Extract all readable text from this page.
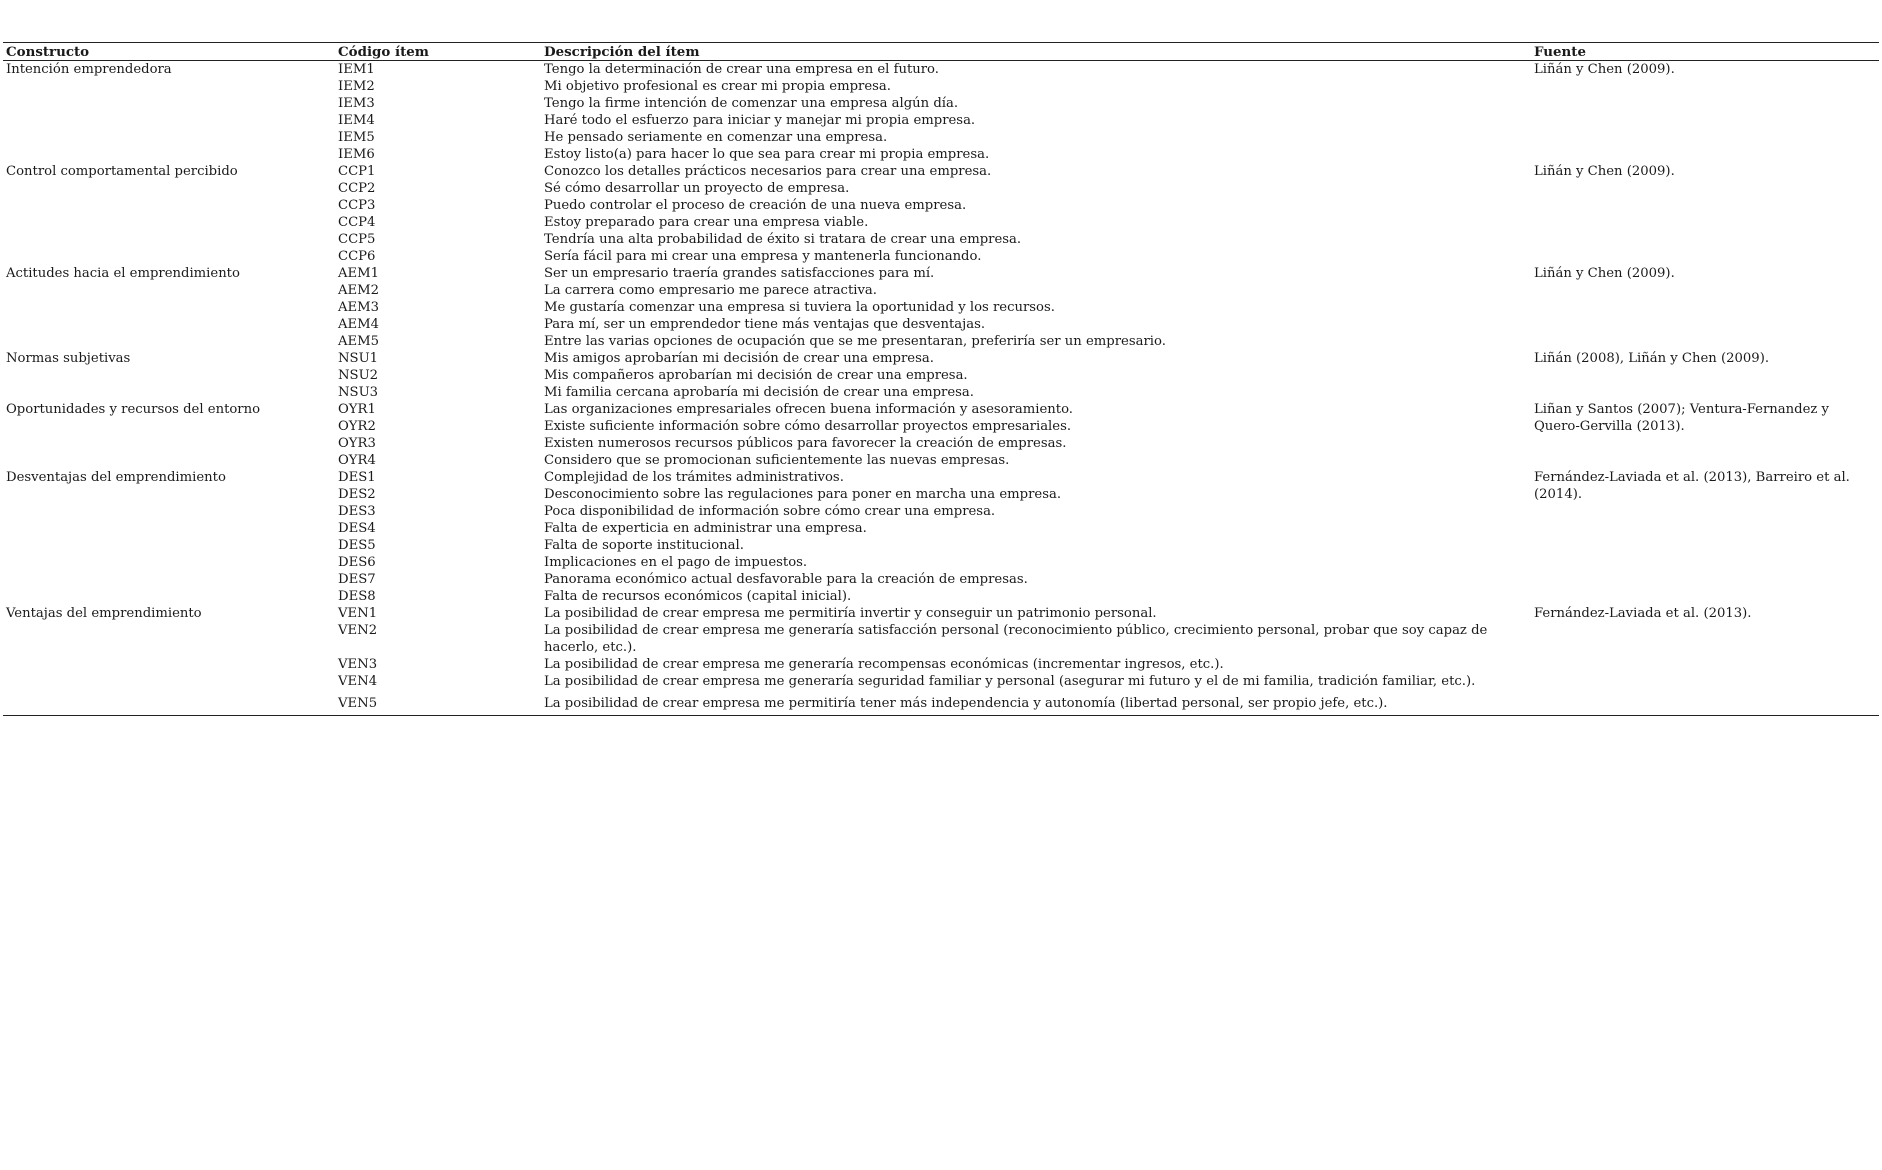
Constructo	Código ítem	Descripción del ítem	Fuente
Intención emprendedora	IEM1	Tengo la determinación de crear una empresa en el futuro.	Liñán y Chen (2009).
	IEM2	Mi objetivo profesional es crear mi propia empresa.	
	IEM3	Tengo la firme intención de comenzar una empresa algún día.	
	IEM4	Haré todo el esfuerzo para iniciar y manejar mi propia empresa.	
	IEM5	He pensado seriamente en comenzar una empresa.	
	IEM6	Estoy listo(a) para hacer lo que sea para crear mi propia empresa.	
Control comportamental percibido	CCP1	Conozco los detalles prácticos necesarios para crear una empresa.	Liñán y Chen (2009).
	CCP2	Sé cómo desarrollar un proyecto de empresa.	
	CCP3	Puedo controlar el proceso de creación de una nueva empresa.	
	CCP4	Estoy preparado para crear una empresa viable.	
	CCP5	Tendría una alta probabilidad de éxito si tratara de crear una empresa.	
	CCP6	Sería fácil para mi crear una empresa y mantenerla funcionando.	
Actitudes hacia el emprendimiento	AEM1	Ser un empresario traería grandes satisfacciones para mí.	Liñán y Chen (2009).
	AEM2	La carrera como empresario me parece atractiva.	
	AEM3	Me gustaría comenzar una empresa si tuviera la oportunidad y los recursos.	
	AEM4	Para mí, ser un emprendedor tiene más ventajas que desventajas.	
	AEM5	Entre las varias opciones de ocupación que se me presentaran, preferiría ser un empresario.	
Normas subjetivas	NSU1	Mis amigos aprobarían mi decisión de crear una empresa.	Liñán (2008), Liñán y Chen (2009).
	NSU2	Mis compañeros aprobarían mi decisión de crear una empresa.	
	NSU3	Mi familia cercana aprobaría mi decisión de crear una empresa.	
Oportunidades y recursos del entorno	OYR1	Las organizaciones empresariales ofrecen buena información y asesoramiento.	Liñan y Santos (2007); Ventura-Fernandez y
	OYR2	Existe suficiente información sobre cómo desarrollar proyectos empresariales.	Quero-Gervilla (2013).
	OYR3	Existen numerosos recursos públicos para favorecer la creación de empresas.	
	OYR4	Considero que se promocionan suficientemente las nuevas empresas.	
Desventajas del emprendimiento	DES1	Complejidad de los trámites administrativos.	Fernández-Laviada et al. (2013), Barreiro et al.
	DES2	Desconocimiento sobre las regulaciones para poner en marcha una empresa.	(2014).
	DES3	Poca disponibilidad de información sobre cómo crear una empresa.	
	DES4	Falta de experticia en administrar una empresa.	
	DES5	Falta de soporte institucional.	
	DES6	Implicaciones en el pago de impuestos.	
	DES7	Panorama económico actual desfavorable para la creación de empresas.	
	DES8	Falta de recursos económicos (capital inicial).	
Ventajas del emprendimiento	VEN1	La posibilidad de crear empresa me permitiría invertir y conseguir un patrimonio personal.	Fernández-Laviada et al. (2013).
	VEN2	La posibilidad de crear empresa me generaría satisfacción personal (reconocimiento público, crecimiento personal, probar que soy capaz de hacerlo, etc.).	
	VEN3	La posibilidad de crear empresa me generaría recompensas económicas (incrementar ingresos, etc.).	
	VEN4	La posibilidad de crear empresa me generaría seguridad familiar y personal (asegurar mi futuro y el de mi familia, tradición familiar, etc.).	
	VEN5	La posibilidad de crear empresa me permitiría tener más independencia y autonomía (libertad personal, ser propio jefe, etc.).	
